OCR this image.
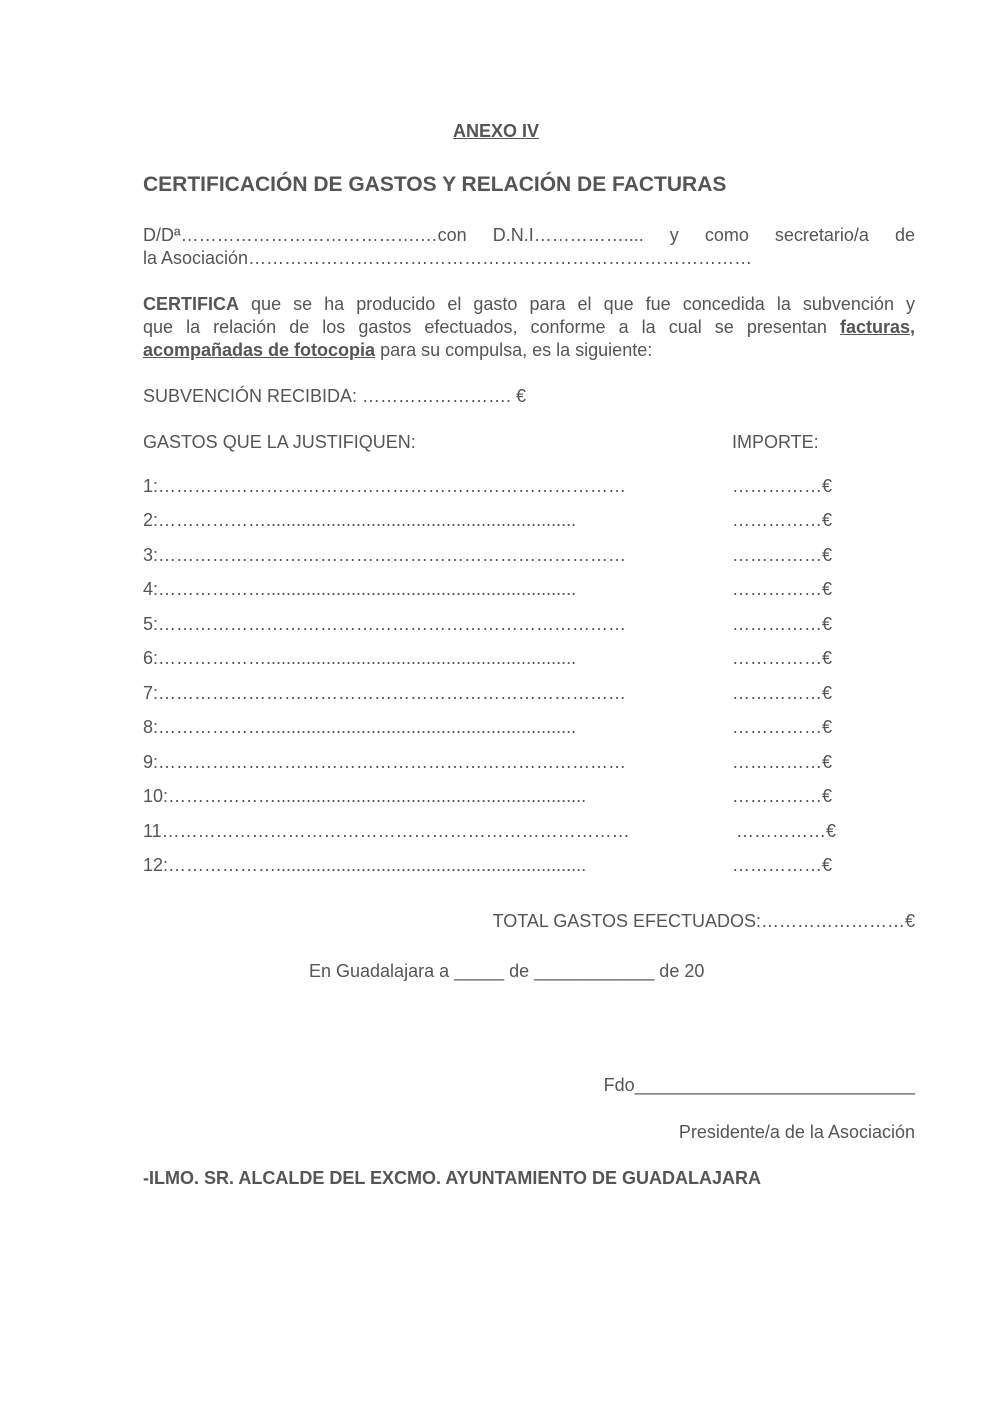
ANEXO IV
CERTIFICACIÓN DE GASTOS Y RELACIÓN DE FACTURAS
D/Dª………………………………….…con D.N.I…………….... y como secretario/a de
la Asociación…………………………………………………………………………
CERTIFICA que se ha producido el gasto para el que fue concedida la subvención y
que la relación de los gastos efectuados, conforme a la cual se presentan facturas,
acompañadas de fotocopia para su compulsa, es la siguiente:
SUBVENCIÓN RECIBIDA: ……………………. €
GASTOS QUE LA JUSTIFIQUEN:	IMPORTE:
1:……………………………………………………………………	……………€
2:………………..............................................................	……………€
3:……………………………………………………………………	……………€
4:………………..............................................................	……………€
5:……………………………………………………………………	……………€
6:………………..............................................................	……………€
7:……………………………………………………………………	……………€
8:………………..............................................................	……………€
9:……………………………………………………………………	……………€
10:………………..............................................................	……………€
11……………………………………………………………………	……………€
12:………………..............................................................	……………€
TOTAL GASTOS EFECTUADOS:……………………€
En Guadalajara a _____ de ____________ de 20
Fdo____________________________
Presidente/a de la Asociación
-ILMO. SR. ALCALDE DEL EXCMO. AYUNTAMIENTO DE GUADALAJARA
